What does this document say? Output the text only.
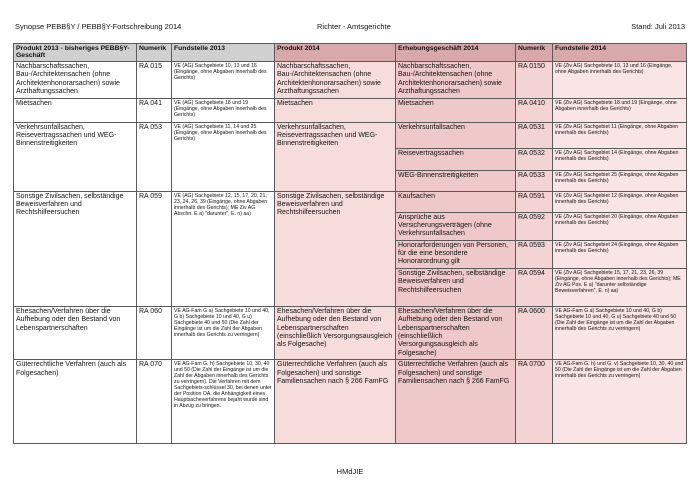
Synopse PEBB§Y / PEBB§Y-Fortschreibung 2014	Richter - Amtsgerichte	Stand: Juli 2013
Produkt 2013 - bisheriges PEBB§Y-Geschäft	Numerik	Fundstelle 2013	Produkt 2014	Erhebungsgeschäft 2014	Numerik	Fundstelle 2014
Nachbarschaftssachen, Bau-/Architektensachen (ohne Architektenhonorarsachen) sowie Arzthaftungssachen	RA 015	VE (AG) Sachgebiete 10, 13 und 16 (Eingänge, ohne Abgaben innerhalb des Gerichts)	Nachbarschaftssachen, Bau-/Architektensachen (ohne Architektenhonorarsachen) sowie Arzthaftungssachen	Nachbarschaftssachen, Bau-/Architektensachen (ohne Architektenhonorarsachen) sowie Arzthaftungssachen	RA 0150	VE (Ziv AG) Sachgebiete 10, 13 und 16 (Eingänge, ohne Abgaben innerhalb des Gerichts)
Mietsachen	RA 041	VE (AG) Sachgebiete 18 und 19 (Eingänge, ohne Abgaben innerhalb des Gerichts)	Mietsachen	Mietsachen	RA 0410	VE (Ziv AG) Sachgebiete 18 und 19 (Eingänge, ohne Abgaben innerhalb des Gerichts)
Verkehrsunfallsachen, Reisevertragssachen und WEG-Binnenstreitigkeiten	RA 053	VE (AG) Sachgebiete 11, 14 und 25 (Eingänge, ohne Abgaben innerhalb des Gerichts)	Verkehrsunfallsachen, Reisevertragssachen und WEG-Binnenstreitigkeiten	Verkehrsunfallsachen	RA 0531	VE (Ziv AG) Sachgebiet 11 (Eingänge, ohne Abgaben innerhalb des Gerichts)
				Reisevertragssachen	RA 0532	VE (Ziv AG) Sachgebiet 14 (Eingänge, ohne Abgaben innerhalb des Gerichts)
				WEG-Binnenstreitigkeiten	RA 0533	VE (Ziv AG) Sachgebiet 25 (Eingänge, ohne Abgaben innerhalb des Gerichts)
Sonstige Zivilsachen, selbständige Beweisverfahren und Rechtshilfeersuchen	RA 059	VE (AG) Sachgebiete 12, 15, 17, 20, 21, 23, 24, 26, 39 (Eingänge, ohne Abgaben innerhalb des Gerichts); ME Ziv AG Abschn. E a) "darunter", E. n) aa)	Sonstige Zivilsachen, selbständige Beweisverfahren und Rechtshilfeersuchen	Kaufsachen	RA 0591	VE (Ziv AG) Sachgebiet 12 (Eingänge, ohne Abgaben innerhalb des Gerichts)
				Ansprüche aus Versicherungsverträgen (ohne Verkehrsunfallsachen	RA 0592	VE (Ziv AG) Sachgebiet 20 (Eingänge, ohne Abgaben innerhalb des Gerichts)
				Honorarforderungen von Personen, für die eine besondere Honorarordnung gilt	RA 0593	VE (Ziv AG) Sachgebiet 24 (Eingänge, ohne Abgaben innerhalb des Gerichts)
				Sonstige Zivilsachen, selbständige Beweisverfahren und Rechtshilfeersuchen	RA 0594	VE (Ziv AG) Sachgebiete 15, 17, 21, 23, 26, 39 (Eingänge, ohne Abgaben innerhalb des Gerichts); ME Ziv AG Pos. E a) "darunter selbständige Beweisverfahren", E. n) aa)
Ehesachen/Verfahren über die Aufhebung oder den Bestand von Lebenspartnerschaften	RA 060	VE AG-Fam G a) Sachgebiete 10 und 40, G b) Sachgebiete 10 und 40, G u) Sachgebiete 40 und 50 (Die Zahl der Eingänge ist um die Zahl der Abgaben innerhalb des Gerichts zu verringern)	Ehesachen/Verfahren über die Aufhebung oder den Bestand von Lebenspartnerschaften (einschließlich Versorgungsausgleich als Folgesache)	Ehesachen/Verfahren über die Aufhebung oder den Bestand von Lebenspartnerschaften (einschließlich Versorgungsausgleich als Folgesache)	RA 0600	VE AG-Fam G a) Sachgebiete 10 und 40, G b) Sachgebiete 10 und 40, G u) Sachgebiete 40 und 50 (Die Zahl der Eingänge ist um die Zahl der Abgaben innerhalb des Gerichts zu verringern)
Güterrechtliche Verfahren (auch als Folgesachen)	RA 070	VE AG-Fam G. h) Sachgebiete 10, 30, 40 und 50 (Die Zahl der Eingänge ist um die Zahl der Abgaben innerhalb des Gerichts zu verringern). Die Verfahren mit dem Sachgebiets-schlüssel 30, bei denen unter der Position OA. die Anhängigkeit eines Hauptsacheverfahrens bejaht wurde sind in Abzug zu bringen.	Güterrechtliche Verfahren (auch als Folgesachen) und sonstige Familiensachen nach § 266 FamFG	Güterrechtliche Verfahren (auch als Folgesachen) und sonstige Familiensachen nach § 266 FamFG	RA 0700	VE AG-Fam G. h) und G. v) Sachgebiete 10, 30, 40 und 50 (Die Zahl der Eingänge ist um die Zahl der Abgaben innerhalb des Gerichts zu verringern)
HMdJIE
